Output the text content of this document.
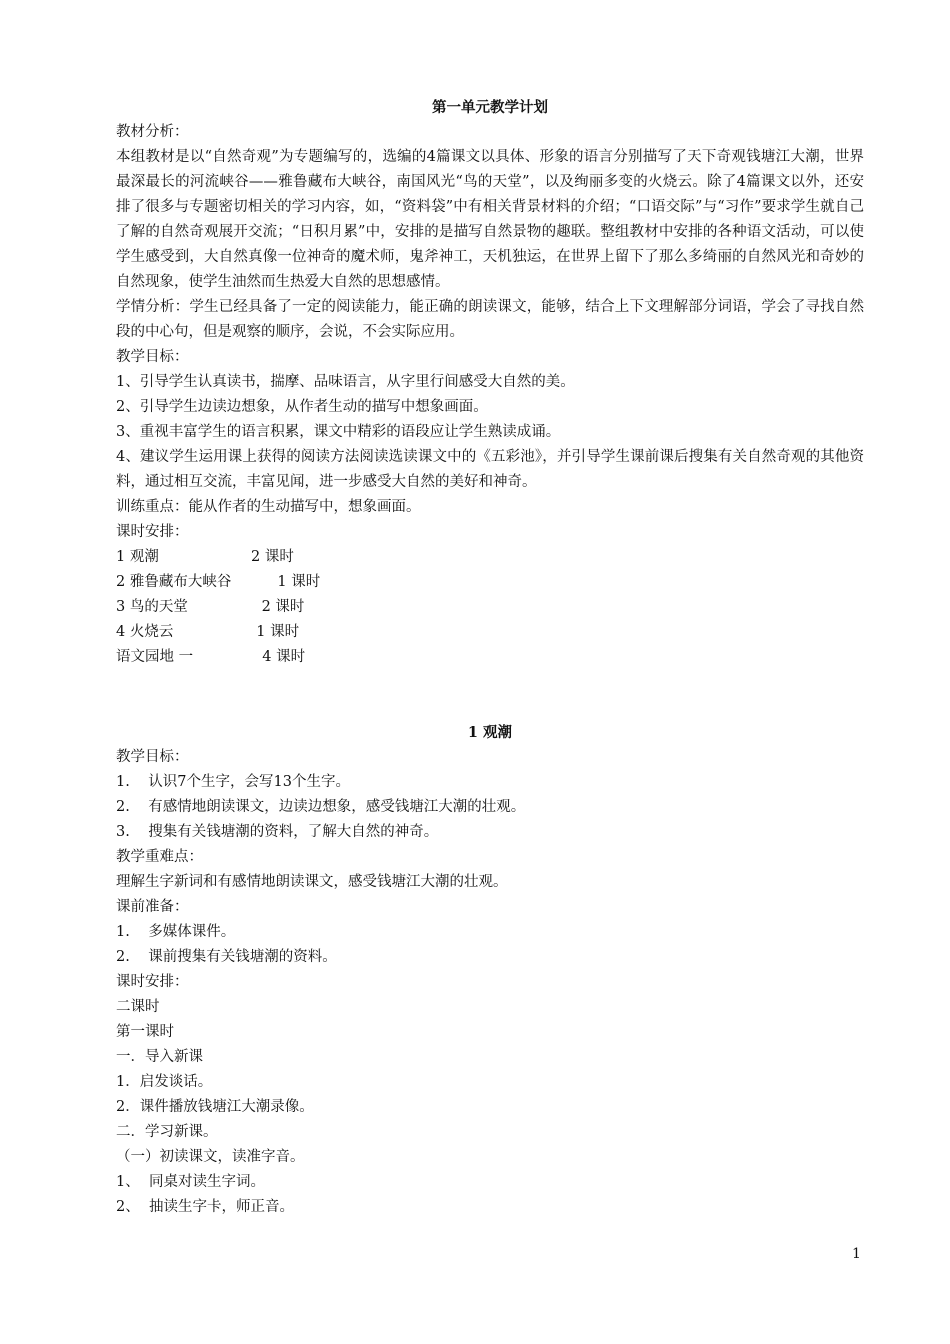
第一单元教学计划

教材分析：

本组教材是以“自然奇观”为专题编写的，选编的4篇课文以具体、形象的语言分别描写了天下奇观钱塘江大潮，世界最深最长的河流峡谷——雅鲁藏布大峡谷，南国风光“鸟的天堂”，以及绚丽多变的火烧云。除了4篇课文以外，还安排了很多与专题密切相关的学习内容，如，“资料袋”中有相关背景材料的介绍；“口语交际”与“习作”要求学生就自己了解的自然奇观展开交流；“日积月累”中，安排的是描写自然景物的趣联。整组教材中安排的各种语文活动，可以使学生感受到，大自然真像一位神奇的魔术师，鬼斧神工，天机独运，在世界上留下了那么多绮丽的自然风光和奇妙的自然现象，使学生油然而生热爱大自然的思想感情。

学情分析：学生已经具备了一定的阅读能力，能正确的朗读课文，能够，结合上下文理解部分词语，学会了寻找自然段的中心句，但是观察的顺序，会说，不会实际应用。

教学目标：

1、引导学生认真读书，揣摩、品味语言，从字里行间感受大自然的美。

2、引导学生边读边想象，从作者生动的描写中想象画面。

3、重视丰富学生的语言积累，课文中精彩的语段应让学生熟读成诵。

4、建议学生运用课上获得的阅读方法阅读选读课文中的《五彩池》，并引导学生课前课后搜集有关自然奇观的其他资料，通过相互交流，丰富见闻，进一步感受大自然的美好和神奇。

训练重点：能从作者的生动描写中，想象画面。

课时安排：

1 观潮                    2 课时

2 雅鲁藏布大峡谷          1 课时

3 鸟的天堂                2 课时

4 火烧云                  1 课时

语文园地 一               4 课时

1 观潮

教学目标：

1.    认识7个生字，会写13个生字。

2.    有感情地朗读课文，边读边想象，感受钱塘江大潮的壮观。

3.    搜集有关钱塘潮的资料，了解大自然的神奇。

教学重难点：

理解生字新词和有感情地朗读课文，感受钱塘江大潮的壮观。

课前准备：

1.    多媒体课件。

2.    课前搜集有关钱塘潮的资料。

课时安排：

二课时

第一课时

一．导入新课

1．启发谈话。

2．课件播放钱塘江大潮录像。

二．学习新课。

（一）初读课文，读准字音。

1、  同桌对读生字词。

2、  抽读生字卡，师正音。

1
